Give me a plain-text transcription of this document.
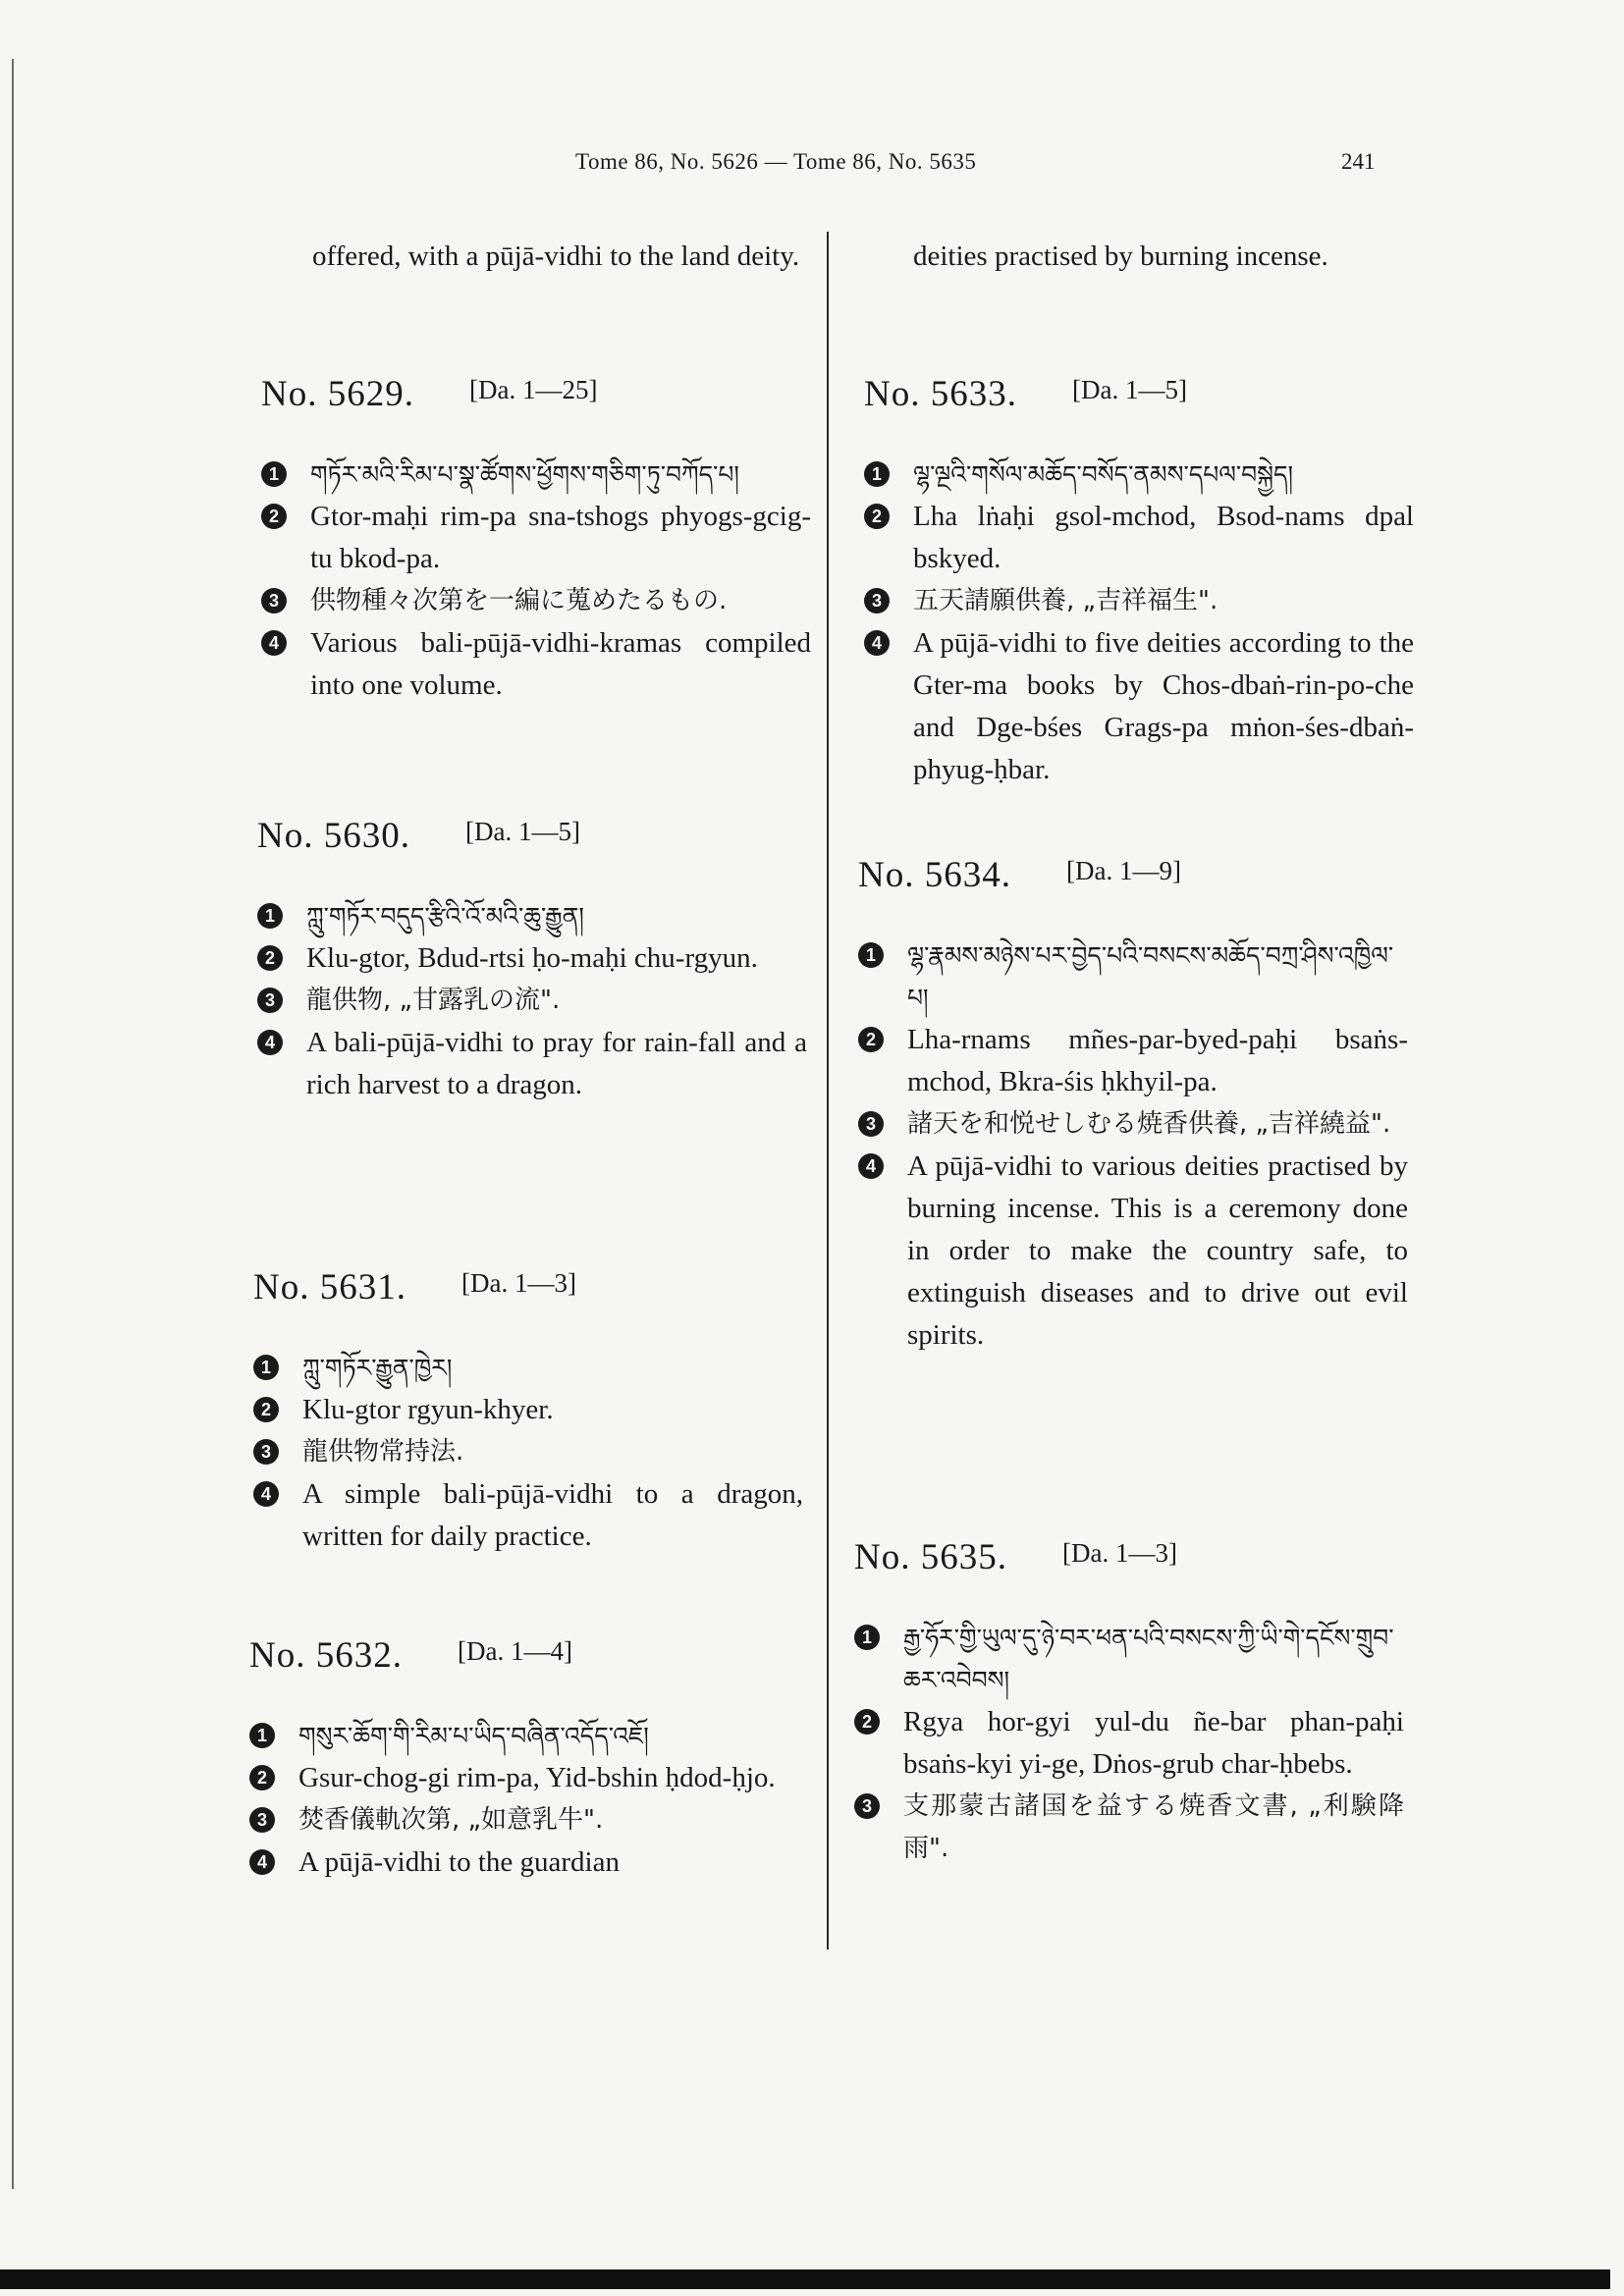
Tome 86, No. 5626 — Tome 86, No. 5635	241
offered, with a pūjā-vidhi to the land deity.
No. 5629. [Da. 1—25]
1	གཏོར་མའི་རིམ་པ་སྣ་ཚོགས་ཕྱོགས་གཅིག་ཏུ་བཀོད་པ།
2 Gtor-maḥi rim-pa sna-tshogs phyogs-gcig-tu bkod-pa.
3	供物種々次第を一編に蒐めたるもの.
4 Various bali-pūjā-vidhi-kramas compiled into one volume.
No. 5630. [Da. 1—5]
1	ཀླུ་གཏོར་བདུད་རྩིའི་འོ་མའི་ཆུ་རྒྱུན།
2 Klu-gtor, Bdud-rtsi ḥo-maḥi chu-rgyun.
3	龍供物, „甘露乳の流".
4 A bali-pūjā-vidhi to pray for rain-fall and a rich harvest to a dragon.
No. 5631. [Da. 1—3]
1	ཀླུ་གཏོར་རྒྱུན་ཁྱེར།
2 Klu-gtor rgyun-khyer.
3	龍供物常持法.
4 A simple bali-pūjā-vidhi to a dragon, written for daily practice.
No. 5632. [Da. 1—4]
1	གསུར་ཆོག་གི་རིམ་པ་ཡིད་བཞིན་འདོད་འཇོ།
2 Gsur-chog-gi rim-pa, Yid-bshin ḥdod-ḥjo.
3	焚香儀軌次第, „如意乳牛".
4 A pūjā-vidhi to the guardian
deities practised by burning incense.
No. 5633. [Da. 1—5]
1	ལྷ་ལྔའི་གསོལ་མཆོད་བསོད་ནམས་དཔལ་བསྐྱེད།
2 Lha lṅaḥi gsol-mchod, Bsod-nams dpal bskyed.
3	五天請願供養, „吉祥福生".
4 A pūjā-vidhi to five deities according to the Gter-ma books by Chos-dbaṅ-rin-po-che and Dge-bśes Grags-pa mṅon-śes-dbaṅ-phyug-ḥbar.
No. 5634. [Da. 1—9]
1	ལྷ་རྣམས་མཉེས་པར་བྱེད་པའི་བསངས་མཆོད་བཀྲ་ཤིས་འཁྱིལ་པ།
2 Lha-rnams mñes-par-byed-paḥi bsaṅs-mchod, Bkra-śis ḥkhyil-pa.
3	諸天を和悦せしむる焼香供養, „吉祥繞益".
4 A pūjā-vidhi to various deities practised by burning incense. This is a ceremony done in order to make the country safe, to extinguish diseases and to drive out evil spirits.
No. 5635. [Da. 1—3]
1	རྒྱ་ཧོར་གྱི་ཡུལ་དུ་ཉེ་བར་ཕན་པའི་བསངས་ཀྱི་ཡི་གེ་དངོས་གྲུབ་ཆར་འབེབས།
2 Rgya hor-gyi yul-du ñe-bar phan-paḥi bsaṅs-kyi yi-ge, Dṅos-grub char-ḥbebs.
3	支那蒙古諸国を益する焼香文書, „利験降雨".
